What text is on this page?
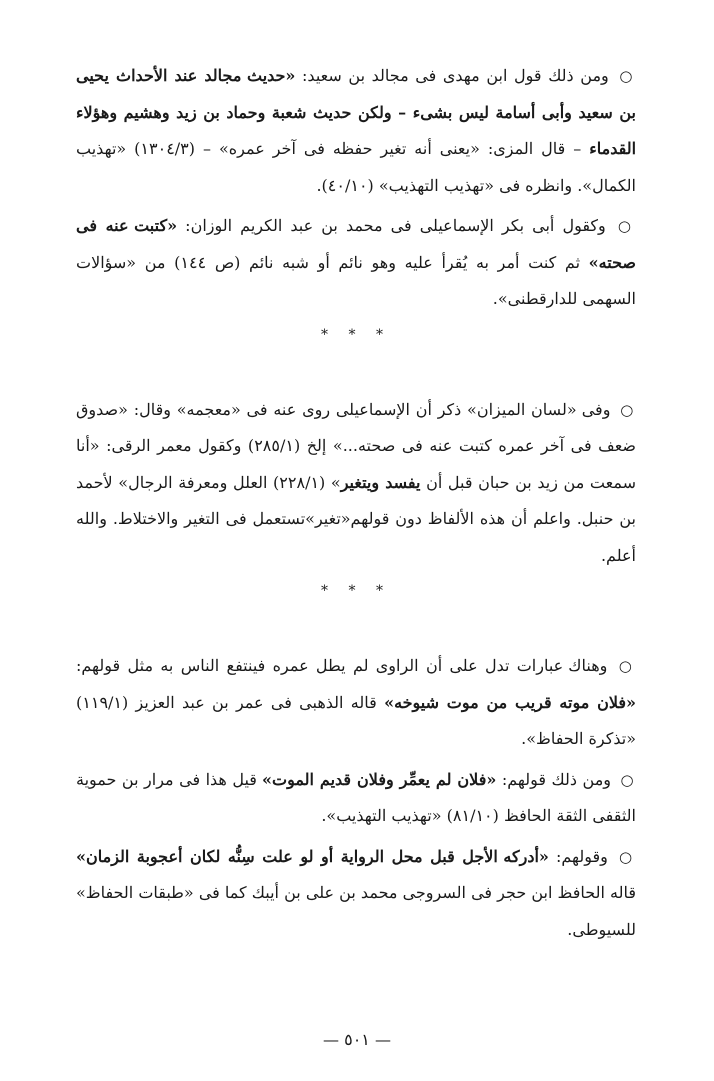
○ ومن ذلك قول ابن مهدى فى مجالد بن سعيد: «حديث مجالد عند الأحداث يحيى بن سعيد وأبى أسامة ليس بشىء – ولكن حديث شعبة وحماد بن زيد وهشيم وهؤلاء القدماء – قال المزى: «يعنى أنه تغير حفظه فى آخر عمره» – (١٣٠٤/٣) «تهذيب الكمال». وانظره فى «تهذيب التهذيب» (٤٠/١٠).

○ وكقول أبى بكر الإسماعيلى فى محمد بن عبد الكريم الوزان: «كتبت عنه فى صحته» ثم كنت أمر به يُقرأ عليه وهو نائم أو شبه نائم (ص ١٤٤) من «سؤالات السهمى للدارقطنى».

* * *

○ وفى «لسان الميزان» ذكر أن الإسماعيلى روى عنه فى «معجمه» وقال: «صدوق ضعف فى آخر عمره كتبت عنه فى صحته...» إلخ (٢٨٥/١) وكقول معمر الرقى: «أنا سمعت من زيد بن حبان قبل أن يفسد ويتغير» (٢٢٨/١) العلل ومعرفة الرجال» لأحمد بن حنبل. واعلم أن هذه الألفاظ دون قولهم«تغير»تستعمل فى التغير والاختلاط. والله أعلم.

* * *

○ وهناك عبارات تدل على أن الراوى لم يطل عمره فينتفع الناس به مثل قولهم: «فلان موته قريب من موت شيوخه» قاله الذهبى فى عمر بن عبد العزيز (١١٩/١) «تذكرة الحفاظ».

○ ومن ذلك قولهم: «فلان لم يعمِّر وفلان قديم الموت» قيل هذا فى مرار بن حموية الثقفى الثقة الحافظ (٨١/١٠) «تهذيب التهذيب».

○ وقولهم: «أدركه الأجل قبل محل الرواية أو لو علت سِنُّه لكان أعجوبة الزمان» قاله الحافظ ابن حجر فى السروجى محمد بن على بن أيبك كما فى «طبقات الحفاظ» للسيوطى.

— ٥٠١ —
